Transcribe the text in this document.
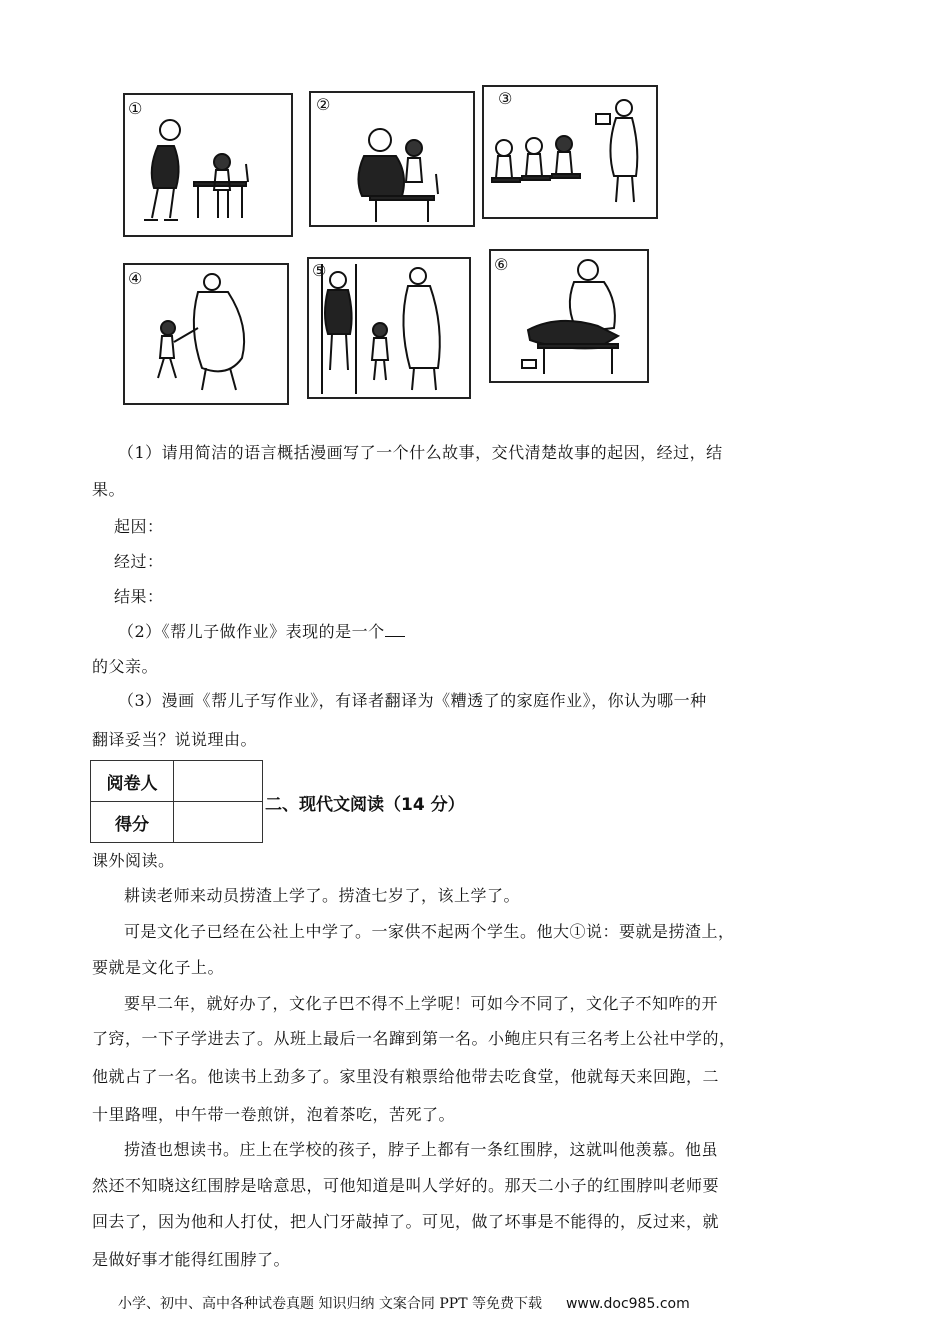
①	②	③
④	⑤	⑥
（1）请用简洁的语言概括漫画写了一个什么故事，交代清楚故事的起因，经过，结
果。
起因：
经过：
结果：
（2）《帮儿子做作业》表现的是一个
的父亲。
（3）漫画《帮儿子写作业》，有译者翻译为《糟透了的家庭作业》，你认为哪一种
翻译妥当？说说理由。
阅卷人	
得分	
二、现代文阅读（14 分）
课外阅读。
耕读老师来动员捞渣上学了。捞渣七岁了，该上学了。
可是文化子已经在公社上中学了。一家供不起两个学生。他大①说：要就是捞渣上，
要就是文化子上。
要早二年，就好办了，文化子巴不得不上学呢！可如今不同了，文化子不知咋的开
了窍，一下子学进去了。从班上最后一名蹿到第一名。小鲍庄只有三名考上公社中学的，
他就占了一名。他读书上劲多了。家里没有粮票给他带去吃食堂，他就每天来回跑，二
十里路哩，中午带一卷煎饼，泡着茶吃，苦死了。
捞渣也想读书。庄上在学校的孩子，脖子上都有一条红围脖，这就叫他羡慕。他虽
然还不知晓这红围脖是啥意思，可他知道是叫人学好的。那天二小子的红围脖叫老师要
回去了，因为他和人打仗，把人门牙敲掉了。可见，做了坏事是不能得的，反过来，就
是做好事才能得红围脖了。
小学、初中、高中各种试卷真题 知识归纳 文案合同 PPT 等免费下载 www.doc985.com
